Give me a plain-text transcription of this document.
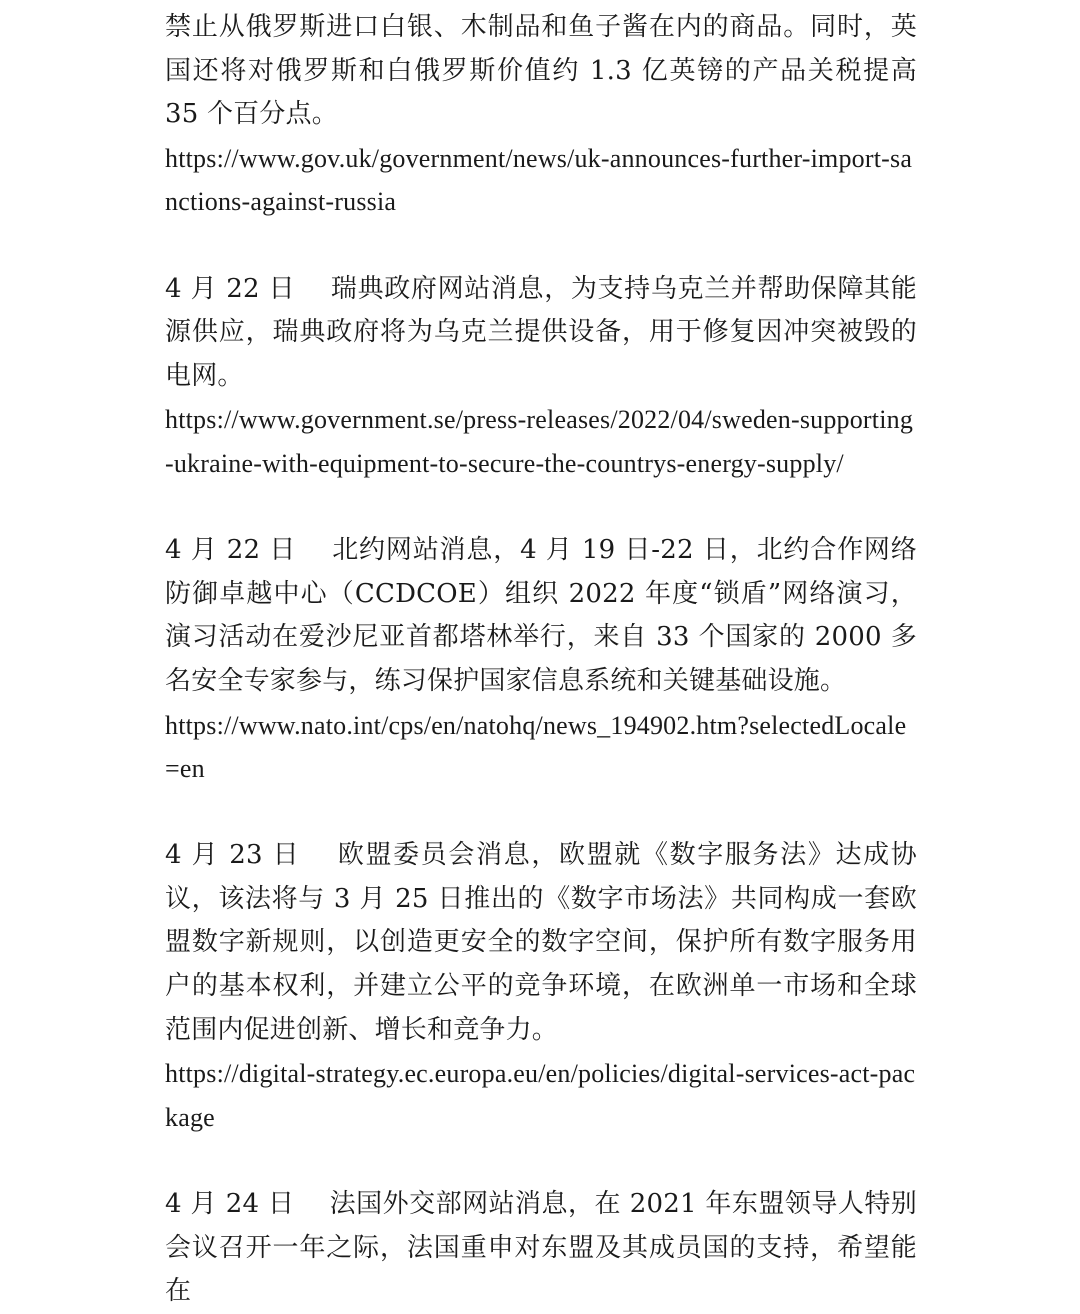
禁止从俄罗斯进口白银、木制品和鱼子酱在内的商品。同时，英国还将对俄罗斯和白俄罗斯价值约 1.3 亿英镑的产品关税提高 35 个百分点。

https://www.gov.uk/government/news/uk-announces-further-import-sanctions-against-russia

4 月 22 日　 瑞典政府网站消息，为支持乌克兰并帮助保障其能源供应，瑞典政府将为乌克兰提供设备，用于修复因冲突被毁的电网。

https://www.government.se/press-releases/2022/04/sweden-supporting-ukraine-with-equipment-to-secure-the-countrys-energy-supply/

4 月 22 日　 北约网站消息，4 月 19 日-22 日，北约合作网络防御卓越中心（CCDCOE）组织 2022 年度“锁盾”网络演习，演习活动在爱沙尼亚首都塔林举行，来自 33 个国家的 2000 多名安全专家参与，练习保护国家信息系统和关键基础设施。

https://www.nato.int/cps/en/natohq/news_194902.htm?selectedLocale=en

4 月 23 日　 欧盟委员会消息，欧盟就《数字服务法》达成协议，该法将与 3 月 25 日推出的《数字市场法》共同构成一套欧盟数字新规则，以创造更安全的数字空间，保护所有数字服务用户的基本权利，并建立公平的竞争环境，在欧洲单一市场和全球范围内促进创新、增长和竞争力。

https://digital-strategy.ec.europa.eu/en/policies/digital-services-act-package

4 月 24 日　 法国外交部网站消息，在 2021 年东盟领导人特别会议召开一年之际，法国重申对东盟及其成员国的支持，希望能在
